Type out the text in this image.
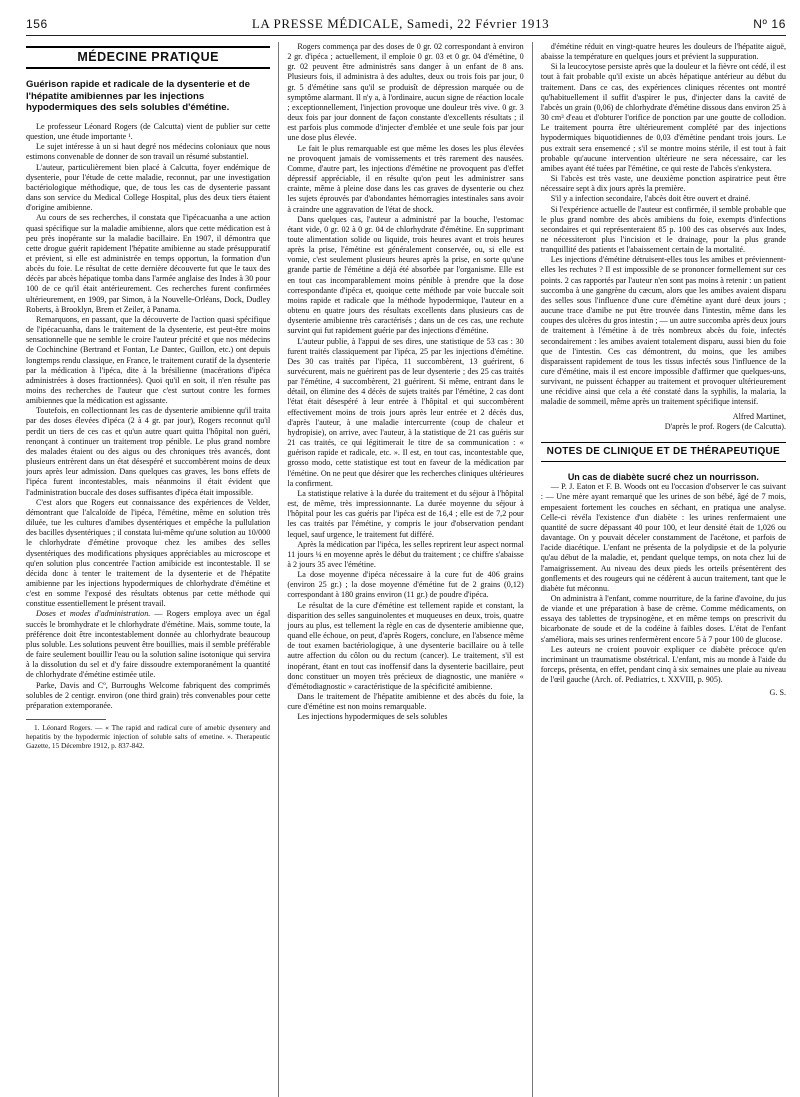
156	LA PRESSE MÉDICALE, Samedi, 22 Février 1913	Nº 16
MÉDECINE PRATIQUE
Guérison rapide et radicale de la dysenterie et de l'hépatite amibiennes par les injections hypodermiques des sels solubles d'émétine.

Le professeur Léonard Rogers (de Calcutta) vient de publier sur cette question, une étude importante ¹.

Le sujet intéresse à un si haut degré nos médecins coloniaux que nous estimons convenable de donner de son travail un résumé substantiel.

L'auteur, particulièrement bien placé à Calcutta, foyer endémique de dysenterie, pour l'étude de cette maladie, reconnut, par une investigation bactériologique méthodique, que, de tous les cas de dysenterie passant dans son service du Medical College Hospital, plus des deux tiers étaient d'origine amibienne.

Au cours de ses recherches, il constata que l'ipécacuanha a une action quasi spécifique sur la maladie amibienne, alors que cette médication est à peu près inopérante sur la maladie bacillaire. En 1907, il démontra que cette drogue guérit rapidement l'hépatite amibienne au stade présuppuratif et prévient, si elle est administrée en temps opportun, la formation d'un abcès du foie. Le résultat de cette dernière découverte fut que le taux des décès par abcès hépatique tomba dans l'armée anglaise des Indes à 30 pour 100 de ce qu'il était antérieurement. Ces recherches furent confirmées ultérieurement, en 1909, par Simon, à la Nouvelle-Orléans, Dock, Dudley Roberts, à Brooklyn, Brem et Zeiler, à Panama.

Remarquons, en passant, que la découverte de l'action quasi spécifique de l'ipécacuanha, dans le traitement de la dysenterie, est peut-être moins sensationnelle que ne semble le croire l'auteur précité et que nos médecins de Cochinchine (Bertrand et Fontan, Le Dantec, Guillon, etc.) ont depuis longtemps rendu classique, en France, le traitement curatif de la dysenterie par la médication à l'ipéca, dite à la brésilienne (macérations d'ipéca administrées à doses fractionnées). Quoi qu'il en soit, il n'en résulte pas moins des recherches de l'auteur que c'est surtout contre les formes amibiennes que la médication est agissante.

Toutefois, en collectionnant les cas de dysenterie amibienne qu'il traita par des doses élevées d'ipéca (2 à 4 gr. par jour), Rogers reconnut qu'il perdit un tiers de ces cas et qu'un autre quart quitta l'hôpital non guéri, renonçant à continuer un traitement trop pénible. Le plus grand nombre des malades étaient ou des aigus ou des chroniques très avancés, dont plusieurs entrèrent dans un état désespéré et succombèrent moins de deux jours après leur admission. Dans quelques cas graves, les bons effets de l'ipéca furent incontestables, mais néanmoins il était évident que l'administration buccale des doses suffisantes d'ipéca était impossible.

C'est alors que Rogers eut connaissance des expériences de Velder, démontrant que l'alcaloïde de l'ipéca, l'émétine, même en solution très diluée, tue les cultures d'amibes dysentériques et empêche la pullulation des bacilles dysentériques ; il constata lui-même qu'une solution au 10/000 le chlorhydrate d'émétine provoque chez les amibes des selles dysentériques des modifications physiques appréciables au microscope et qu'en solution plus concentrée l'action amibicide est incontestable. Il se décida donc à tenter le traitement de la dysenterie et de l'hépatite amibienne par les injections hypodermiques de chlorhydrate d'émétine et c'est en somme l'exposé des résultats obtenus par cette méthode qui constitue essentiellement le présent travail.

Doses et modes d'administration. — Rogers employa avec un égal succès le bromhydrate et le chlorhydrate d'émétine. Mais, somme toute, la préférence doit être incontestablement donnée au chlorhydrate beaucoup plus soluble. Les solutions peuvent être bouillies, mais il semble préférable de faire seulement bouillir l'eau ou la solution saline isotonique qui servira à la dissolution du sel et d'y faire dissoudre extemporanément la quantité de chlorhydrate d'émétine estimée utile.

Parke, Davis and Cº, Burroughs Welcome fabriquent des comprimés solubles de 2 centigr. environ (one third grain) très convenables pour cette préparation extemporanée.

1. Léonard Rogers. — « The rapid and radical cure of amebic dysentery and hepatitis by the hypodermic injection of soluble salts of emetine. ». Therapeutic Gazette, 15 Décembre 1912, p. 837-842.

Rogers commença par des doses de 0 gr. 02 correspondant à environ 2 gr. d'ipéca ; actuellement, il emploie 0 gr. 03 et 0 gr. 04 d'émétine, 0 gr. 02 peuvent être administrés sans danger à un enfant de 8 ans. Plusieurs fois, il administra à des adultes, deux ou trois fois par jour, 0 gr. 5 d'émétine sans qu'il se produisît de dépression marquée ou de symptôme alarmant. Il n'y a, à l'ordinaire, aucun signe de réaction locale ; exceptionnellement, l'injection provoque une douleur très vive. 0 gr. 3 deux fois par jour donnent de façon constante d'excellents résultats ; il est parfois plus commode d'injecter d'emblée et une seule fois par jour une dose plus élevée.

Le fait le plus remarquable est que même les doses les plus élevées ne provoquent jamais de vomissements et très rarement des nausées. Comme, d'autre part, les injections d'émétine ne provoquent pas d'effet dépressif appréciable, il en résulte qu'on peut les administrer sans crainte, même à pleine dose dans les cas graves de dysenterie ou chez les sujets éprouvés par d'abondantes hémorragies intestinales sans avoir à craindre une aggravation de l'état de shock.

Dans quelques cas, l'auteur a administré par la bouche, l'estomac étant vide, 0 gr. 02 à 0 gr. 04 de chlorhydrate d'émétine. En supprimant toute alimentation solide ou liquide, trois heures avant et trois heures après la prise, l'émétine est généralement conservée, ou, si elle est vomie, c'est seulement plusieurs heures après la prise, en sorte qu'une grande partie de l'émétine a déjà été absorbée par l'organisme. Elle est en tout cas incomparablement moins pénible à prendre que la dose correspondante d'ipéca et, quoique cette méthode par voie buccale soit moins rapide et radicale que la méthode hypodermique, l'auteur en a obtenu en quatre jours des résultats excellents dans plusieurs cas de dysenterie amibienne très caractérisés ; dans un de ces cas, une rechute survint qui fut rapidement guérie par des injections d'émétine.

L'auteur publie, à l'appui de ses dires, une statistique de 53 cas : 30 furent traités classiquement par l'ipéca, 25 par les injections d'émétine. Des 30 cas traités par l'ipéca, 11 succombèrent, 13 guérirent, 6 survécurent, mais ne guérirent pas de leur dysenterie ; des 25 cas traités par l'émétine, 4 succombèrent, 21 guérirent. Si même, entrant dans le détail, on élimine des 4 décès de sujets traités par l'émétine, 2 cas dont l'état était désespéré à leur entrée à l'hôpital et qui succombèrent effectivement moins de trois jours après leur entrée et 2 décès dus, d'après l'auteur, à une maladie intercurrente (coup de chaleur et hydropisie), on arrive, avec l'auteur, à la statistique de 21 cas guéris sur 21 cas traités, ce qui légitimerait le titre de sa communication : « guérison rapide et radicale, etc. ». Il est, en tout cas, incontestable que, grosso modo, cette statistique est tout en faveur de la médication par l'émétine. On ne peut que désirer que les recherches cliniques ultérieures la confirment.

La statistique relative à la durée du traitement et du séjour à l'hôpital est, de même, très impressionnante. La durée moyenne du séjour à l'hôpital pour les cas guéris par l'ipéca est de 16,4 ; elle est de 7,2 pour les cas traités par l'émétine, y compris le jour d'observation pendant lequel, sauf urgence, le traitement fut différé.

Après la médication par l'ipéca, les selles reprirent leur aspect normal 11 jours ¼ en moyenne après le début du traitement ; ce chiffre s'abaisse à 2 jours 35 avec l'émétine.

La dose moyenne d'ipéca nécessaire à la cure fut de 406 grains (environ 25 gr.) ; la dose moyenne d'émétine fut de 2 grains (0,12) correspondant à 180 grains environ (11 gr.) de poudre d'ipéca.

Le résultat de la cure d'émétine est tellement rapide et constant, la disparition des selles sanguinolentes et muqueuses en deux, trois, quatre jours au plus, est tellement la règle en cas de dysenterie amibienne que, quand elle échoue, on peut, d'après Rogers, conclure, en l'absence même de tout examen bactériologique, à une dysenterie bacillaire ou à telle autre affection du côlon ou du rectum (cancer). Le traitement, s'il est inopérant, étant en tout cas inoffensif dans la dysenterie bacillaire, peut donc constituer un moyen très précieux de diagnostic, une manière « d'émétodiagnostic » caractéristique de la spécificité amibienne.

Dans le traitement de l'hépatite amibienne et des abcès du foie, la cure d'émétine est non moins remarquable.

Les injections hypodermiques de sels solubles

d'émétine réduit en vingt-quatre heures les douleurs de l'hépatite aiguë, abaisse la température en quelques jours et prévient la suppuration.

Si la leucocytose persiste après que la douleur et la fièvre ont cédé, il est tout à fait probable qu'il existe un abcès hépatique antérieur au début du traitement. Dans ce cas, des expériences cliniques récentes ont montré qu'habituellement il suffit d'aspirer le pus, d'injecter dans la cavité de l'abcès un grain (0,06) de chlorhydrate d'émétine dissous dans environ 25 à 30 cm³ d'eau et d'obturer l'orifice de ponction par une goutte de collodion. Le traitement pourra être ultérieurement complété par des injections hypodermiques biquotidiennes de 0,03 d'émétine pendant trois jours. Le pus extrait sera ensemencé ; s'il se montre moins stérile, il est tout à fait probable qu'aucune intervention ultérieure ne sera nécessaire, car les amibes ayant été tuées par l'émétine, ce qui reste de l'abcès s'enkystera.

Si l'abcès est très vaste, une deuxième ponction aspiratrice peut être nécessaire sept à dix jours après la première.

S'il y a infection secondaire, l'abcès doit être ouvert et drainé.

Si l'expérience actuelle de l'auteur est confirmée, il semble probable que le plus grand nombre des abcès amibiens du foie, exempts d'infections secondaires et qui représenteraient 85 p. 100 des cas observés aux Indes, ne nécessiteront plus l'incision et le drainage, pour la plus grande tranquillité des patients et l'abaissement certain de la mortalité.

Les injections d'émétine détruisent-elles tous les amibes et préviennent-elles les rechutes ? Il est impossible de se prononcer formellement sur ces points. 2 cas rapportés par l'auteur n'en sont pas moins à retenir : un patient succomba à une gangrène du cæcum, alors que les amibes avaient disparu des selles sous l'influence d'une cure d'émétine ayant duré deux jours ; aucune trace d'amibe ne put être trouvée dans l'intestin, même dans les coupes des ulcères du gros intestin ; — un autre succomba après deux jours de traitement à l'émétine à de très nombreux abcès du foie, infectés secondairement : les amibes avaient totalement disparu, aussi bien du foie que de l'intestin. Ces cas démontrent, du moins, que les amibes disparaissent rapidement de tous les tissus infectés sous l'influence de la cure d'émétine, mais il est encore impossible d'affirmer que quelques-uns, survivant, ne puissent échapper au traitement et provoquer ultérieurement une récidive ainsi que cela a été constaté dans la syphilis, la malaria, la maladie de sommeil, même après un traitement spécifique intensif.

Alfred Martinet,
D'après le prof. Rogers (de Calcutta).
NOTES DE CLINIQUE ET DE THÉRAPEUTIQUE
Un cas de diabète sucré chez un nourrisson.

— P. J. Eaton et F. B. Woods ont eu l'occasion d'observer le cas suivant : — Une mère ayant remarqué que les urines de son bébé, âgé de 7 mois, empesaient fortement les couches en séchant, en pratiqua une analyse. Celle-ci révéla l'existence d'un diabète : les urines renfermaient une quantité de sucre dépassant 40 pour 100, et leur densité était de 1,026 ou davantage. On y pouvait déceler constamment de l'acétone, et parfois de l'acide diacétique. L'enfant ne présenta de la polydipsie et de la polyurie qu'au début de la maladie, et, pendant quelque temps, on nota chez lui de l'amaigrissement. Au niveau des deux pieds les orteils présentèrent des gonflements et des rougeurs qui ne cédèrent à aucun traitement, tant que le diabète fut méconnu.

On administra à l'enfant, comme nourriture, de la farine d'avoine, du jus de viande et une préparation à base de crème. Comme médicaments, on essaya des tablettes de trypsinogène, et en même temps on prescrivit du bicarbonate de soude et de la codéine à faibles doses. L'état de l'enfant s'améliora, mais ses urines renfermèrent encore 5 à 7 pour 100 de glucose.

Les auteurs ne croient pouvoir expliquer ce diabète précoce qu'en incriminant un traumatisme obstétrical. L'enfant, mis au monde à l'aide du forceps, présenta, en effet, pendant cinq à six semaines une plaie au niveau de l'œil gauche (Arch. of. Pediatrics, t. XXVIII, p. 905).

G. S.
